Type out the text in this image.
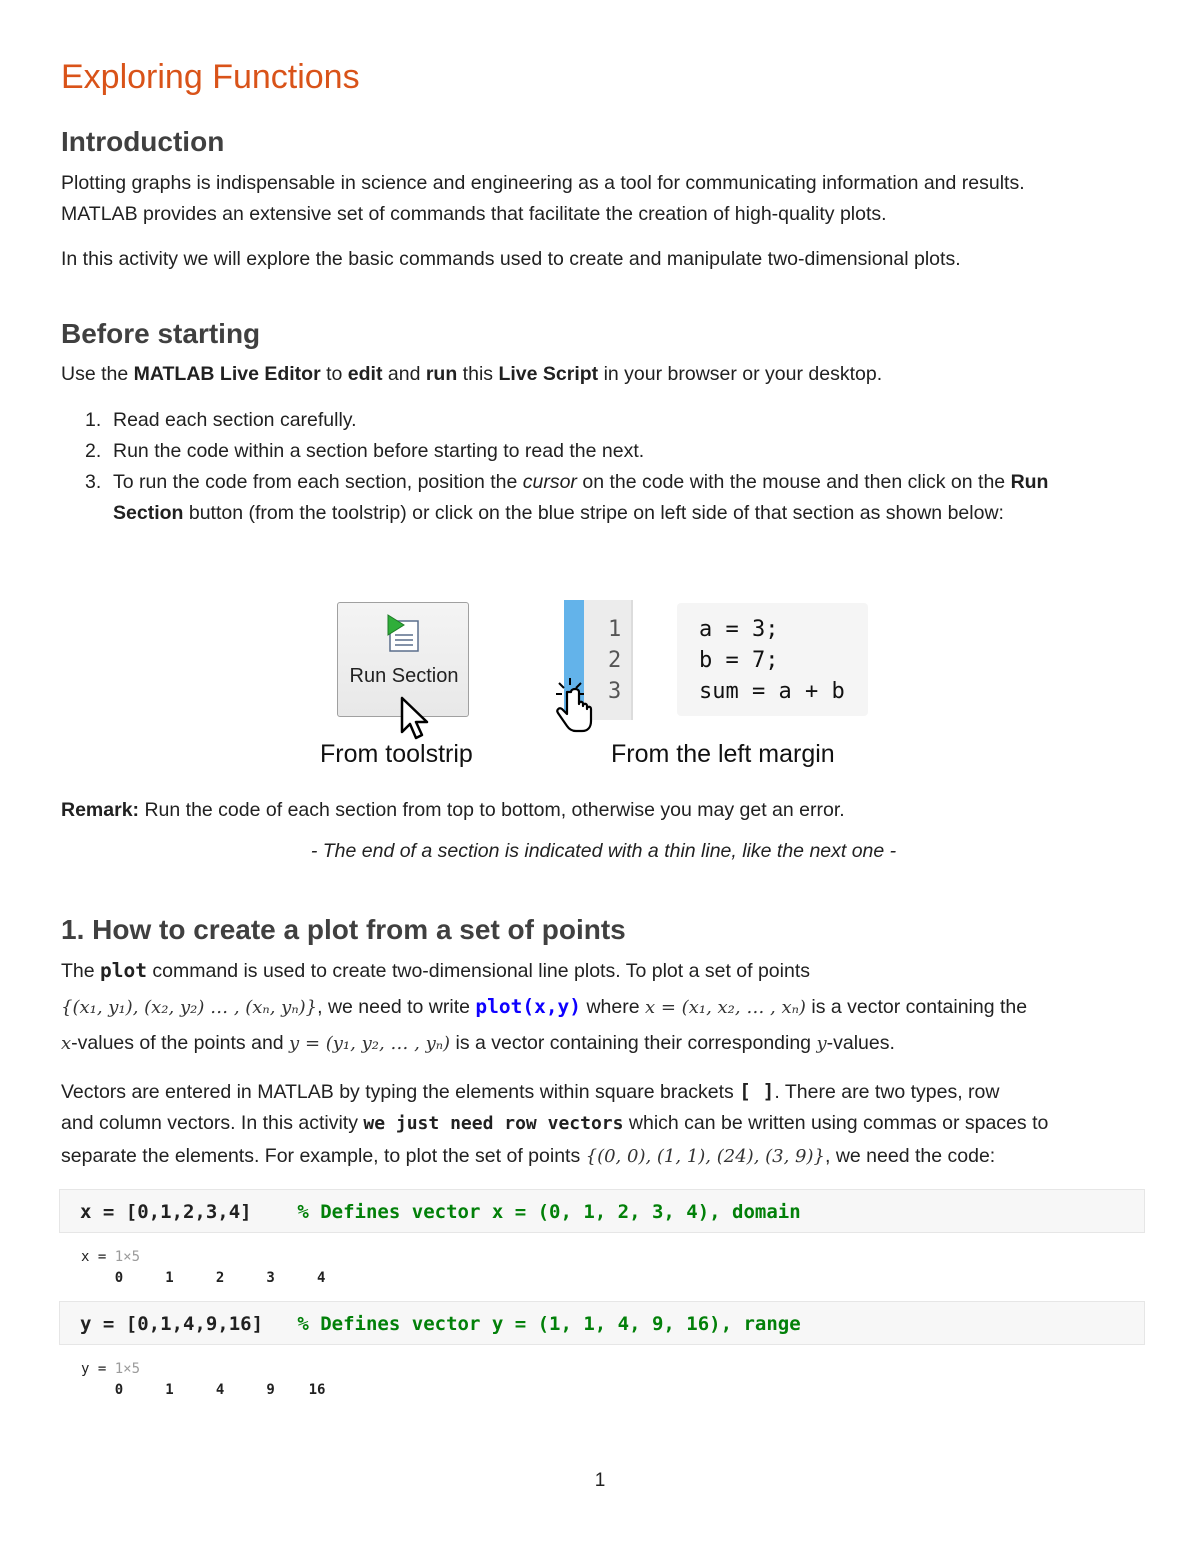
Exploring Functions
Introduction

Plotting graphs is indispensable in science and engineering as a tool for communicating information and results.

MATLAB provides an extensive set of commands that facilitate the creation of high-quality plots.

In this activity we will explore the basic commands used to create and manipulate two-dimensional plots.

Before starting

Use the MATLAB Live Editor to edit and run this Live Script in your browser or your desktop.

1. Read each section carefully.
2. Run the code within a section before starting to read the next.
3. To run the code from each section, position the cursor on the code with the mouse and then click on the Run Section button (from the toolstrip) or click on the blue stripe on left side of that section as shown below:
Run Section
From toolstrip
1
2
3
a = 3;
b = 7;
sum = a + b
From the left margin

Remark: Run the code of each section from top to bottom, otherwise you may get an error.

- The end of a section is indicated with a thin line, like the next one -
1. How to create a plot from a set of points

The plot command is used to create two-dimensional line plots. To plot a set of points

{(x₁, y₁), (x₂, y₂) … , (xₙ, yₙ)}, we need to write plot(x,y) where x = (x₁, x₂, … , xₙ) is a vector containing the

x-values of the points and y = (y₁, y₂, … , yₙ) is a vector containing their corresponding y-values.

Vectors are entered in MATLAB by typing the elements within square brackets [ ]. There are two types, row

and column vectors. In this activity we just need row vectors which can be written using commas or spaces to

separate the elements. For example, to plot the set of points {(0, 0), (1, 1), (24), (3, 9)}, we need the code:

x = [0,1,2,3,4] % Defines vector x = (0, 1, 2, 3, 4), domain
x = 1×5
0     1     2     3     4
y = [0,1,4,9,16] % Defines vector y = (1, 1, 4, 9, 16), range
y = 1×5
0     1     4     9    16
1
